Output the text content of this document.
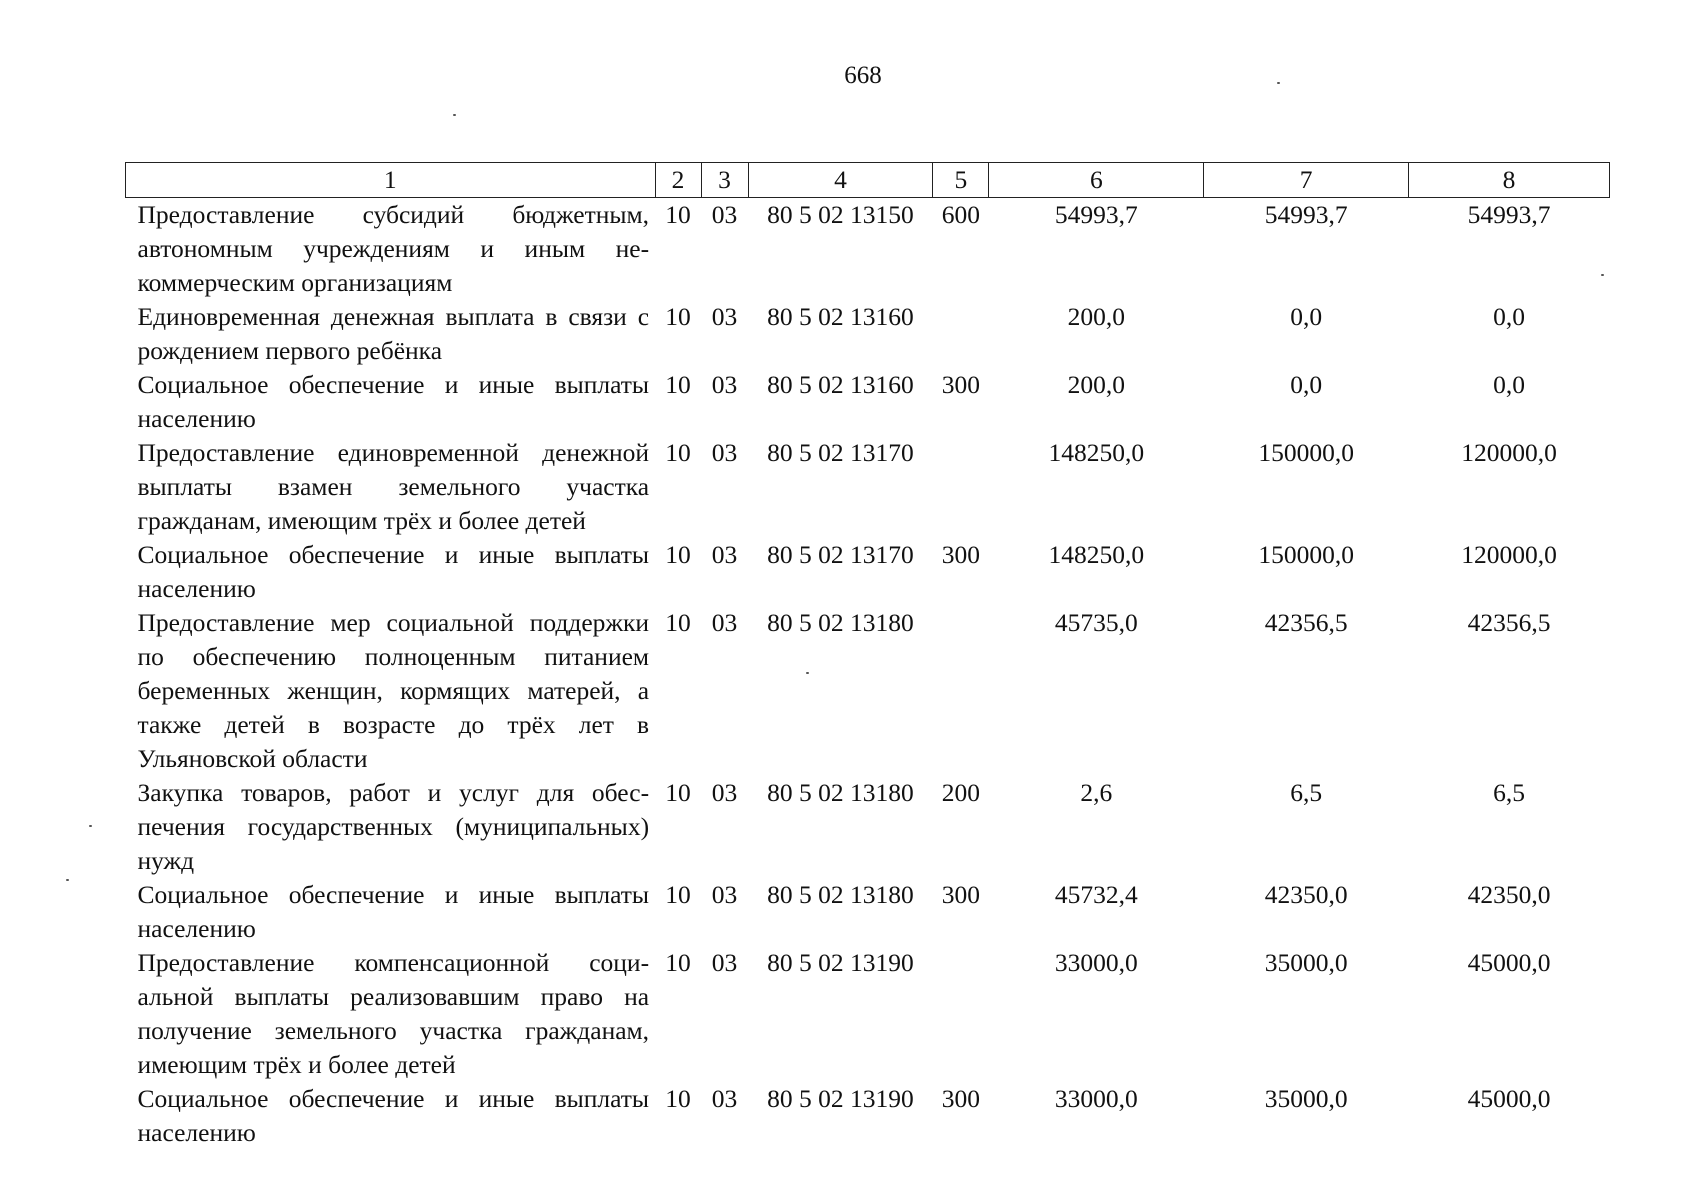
668
1	2	3	4	5	6	7	8
Предоставление субсидий бюджетным, автономным учреждениям и иным некоммерческим организациям	10	03	80 5 02 13150	600	54993,7	54993,7	54993,7
Единовременная денежная выплата в связи с рождением первого ребёнка	10	03	80 5 02 13160		200,0	0,0	0,0
Социальное обеспечение и иные выплаты населению	10	03	80 5 02 13160	300	200,0	0,0	0,0
Предоставление единовременной денежной выплаты взамен земельного участка гражданам, имеющим трёх и более детей	10	03	80 5 02 13170		148250,0	150000,0	120000,0
Социальное обеспечение и иные выплаты населению	10	03	80 5 02 13170	300	148250,0	150000,0	120000,0
Предоставление мер социальной поддержки по обеспечению полноценным питанием беременных женщин, кормящих матерей, а также детей в возрасте до трёх лет в Ульяновской области	10	03	80 5 02 13180		45735,0	42356,5	42356,5
Закупка товаров, работ и услуг для обеспечения государственных (муниципальных) нужд	10	03	80 5 02 13180	200	2,6	6,5	6,5
Социальное обеспечение и иные выплаты населению	10	03	80 5 02 13180	300	45732,4	42350,0	42350,0
Предоставление компенсационной социальной выплаты реализовавшим право на получение земельного участка гражданам, имеющим трёх и более детей	10	03	80 5 02 13190		33000,0	35000,0	45000,0
Социальное обеспечение и иные выплаты населению	10	03	80 5 02 13190	300	33000,0	35000,0	45000,0
